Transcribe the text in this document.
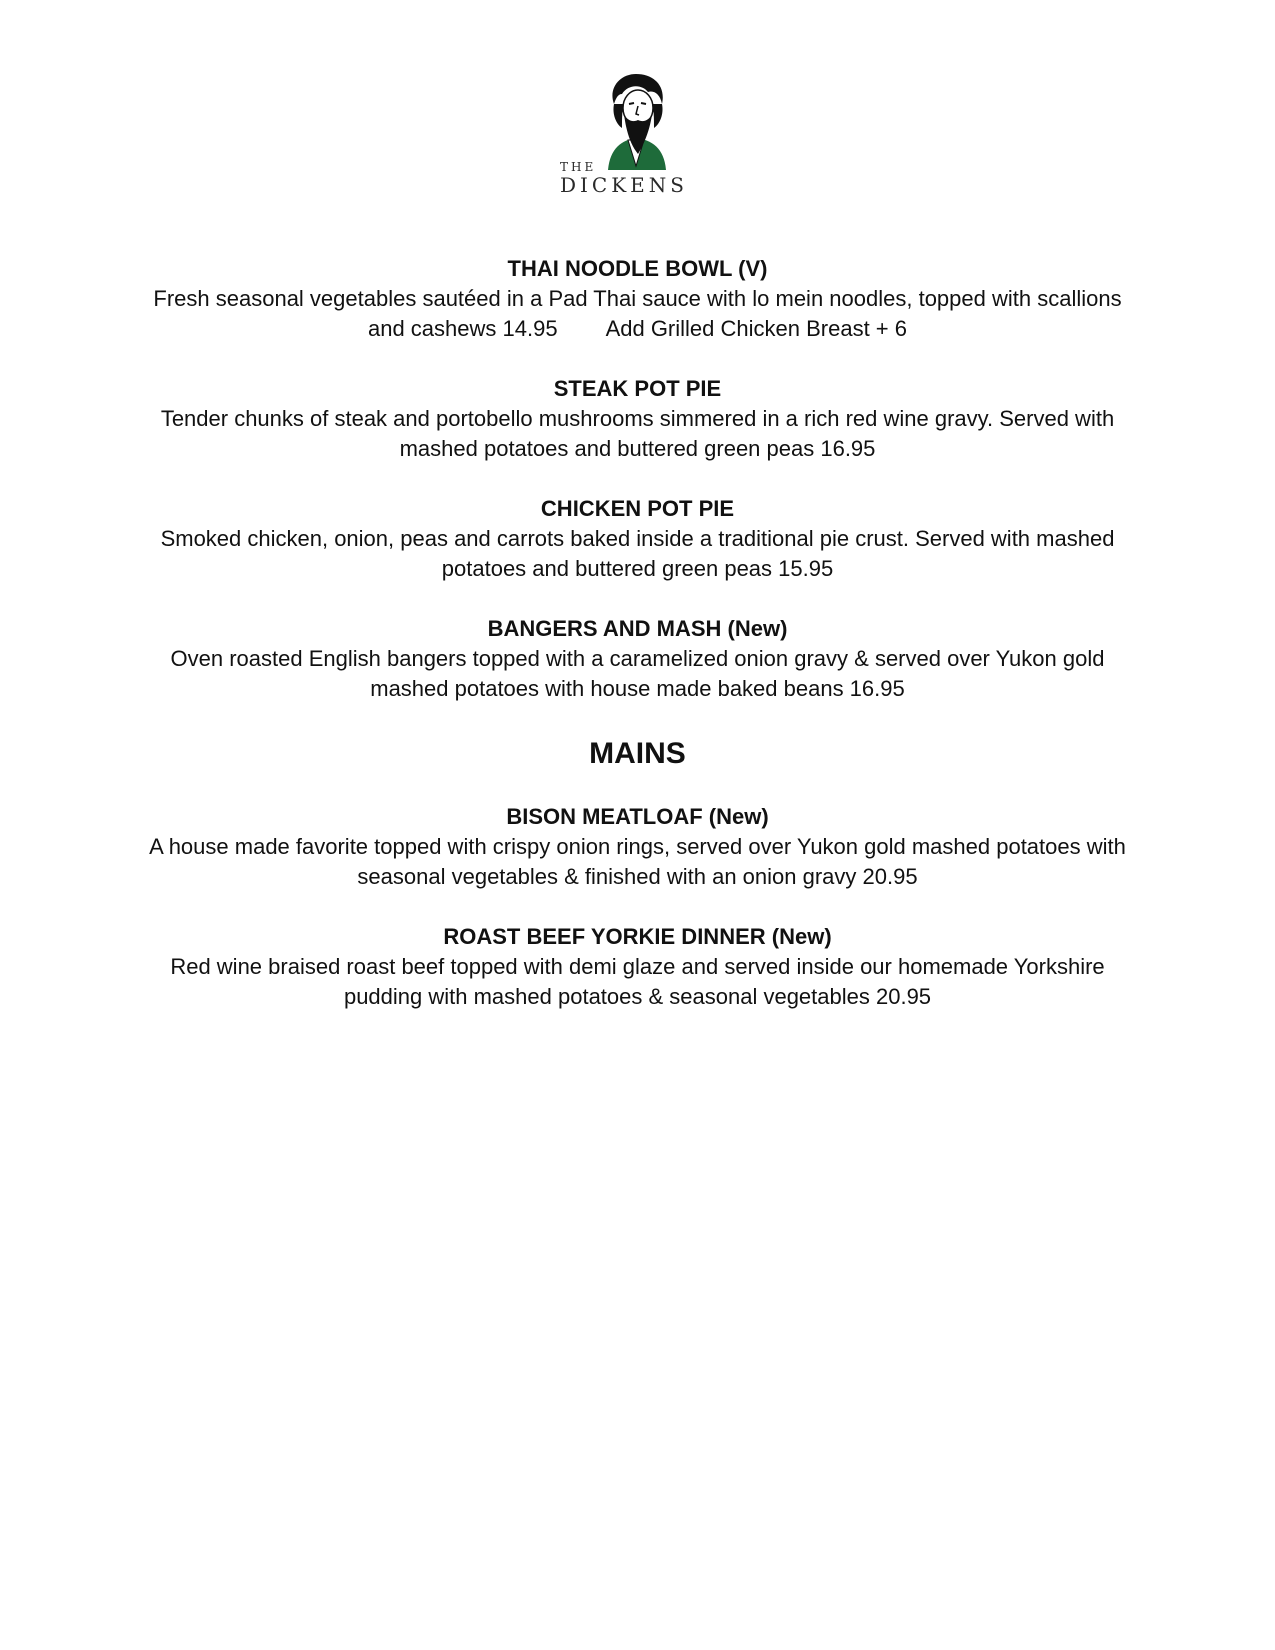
THE
DICKENS
THAI NOODLE BOWL (V)
Fresh seasonal vegetables sautéed in a Pad Thai sauce with lo mein noodles, topped with scallions and cashews 14.95 Add Grilled Chicken Breast + 6
STEAK POT PIE
Tender chunks of steak and portobello mushrooms simmered in a rich red wine gravy. Served with mashed potatoes and buttered green peas 16.95
CHICKEN POT PIE
Smoked chicken, onion, peas and carrots baked inside a traditional pie crust. Served with mashed potatoes and buttered green peas 15.95
BANGERS AND MASH (New)
Oven roasted English bangers topped with a caramelized onion gravy & served over Yukon gold mashed potatoes with house made baked beans 16.95
MAINS
BISON MEATLOAF (New)
A house made favorite topped with crispy onion rings, served over Yukon gold mashed potatoes with seasonal vegetables & finished with an onion gravy 20.95
ROAST BEEF YORKIE DINNER (New)
Red wine braised roast beef topped with demi glaze and served inside our homemade Yorkshire pudding with mashed potatoes & seasonal vegetables 20.95
